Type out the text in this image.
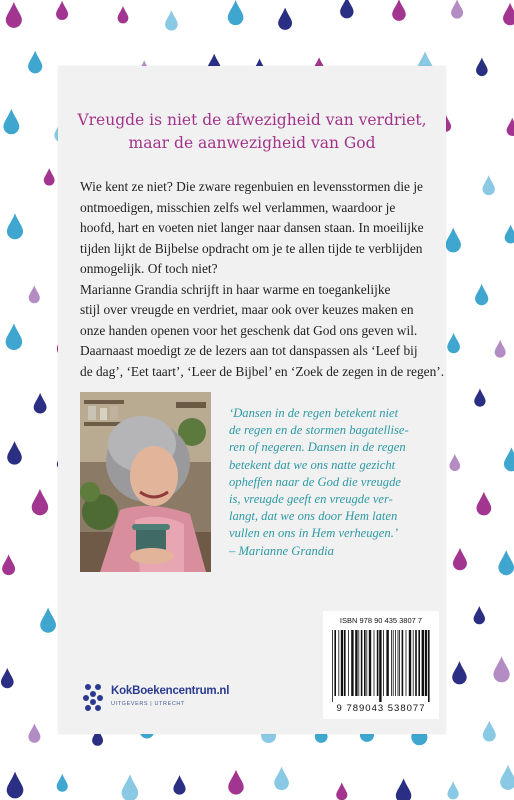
Vreugde is niet de afwezigheid van verdriet,
maar de aanwezigheid van God

Wie kent ze niet? Die zware regenbuien en levensstormen die je
ontmoedigen, misschien zelfs wel verlammen, waardoor je
hoofd, hart en voeten niet langer naar dansen staan. In moeilijke
tijden lijkt de Bijbelse opdracht om je te allen tijde te verblijden
onmogelijk. Of toch niet?
Marianne Grandia schrijft in haar warme en toegankelijke
stijl over vreugde en verdriet, maar ook over keuzes maken en
onze handen openen voor het geschenk dat God ons geven wil.
Daarnaast moedigt ze de lezers aan tot danspassen als ‘Leef bij
de dag’, ‘Eet taart’, ‘Leer de Bijbel’ en ‘Zoek de zegen in de regen’.

‘Dansen in de regen betekent niet
de regen en de stormen bagatellise-
ren of negeren. Dansen in de regen
betekent dat we ons natte gezicht
opheffen naar de God die vreugde
is, vreugde geeft en vreugde ver-
langt, dat we ons door Hem laten
vullen en ons in Hem verheugen.’
– Marianne Grandia
ISBN 978 90 435 3807 7
9 789043 538077
KokBoekencentrum.nl
UITGEVERS | UTRECHT
